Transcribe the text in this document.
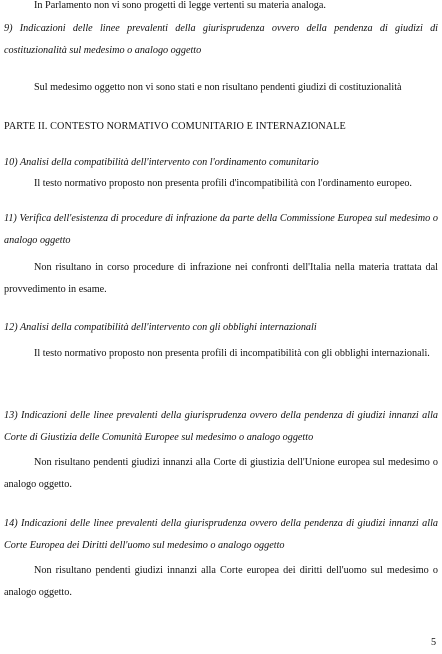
In Parlamento non vi sono progetti di legge vertenti su materia analoga.

9) Indicazioni delle linee prevalenti della giurisprudenza ovvero della pendenza di giudizi di costituzionalità sul medesimo o analogo oggetto

Sul medesimo oggetto non vi sono stati e non risultano pendenti giudizi di costituzionalità

PARTE II. CONTESTO NORMATIVO COMUNITARIO E INTERNAZIONALE

10) Analisi della compatibilità dell'intervento con l'ordinamento comunitario

Il testo normativo proposto non presenta profili d'incompatibilità con l'ordinamento europeo.

11) Verifica dell'esistenza di procedure di infrazione da parte della Commissione Europea sul medesimo o analogo oggetto

Non risultano in corso procedure di infrazione nei confronti dell'Italia nella materia trattata dal provvedimento in esame.

12) Analisi della compatibilità dell'intervento con gli obblighi internazionali

Il testo normativo proposto non presenta profili di incompatibilità con gli obblighi internazionali.

13) Indicazioni delle linee prevalenti della giurisprudenza ovvero della pendenza di giudizi innanzi alla Corte di Giustizia delle Comunità Europee sul medesimo o analogo oggetto

Non risultano pendenti giudizi innanzi alla Corte di giustizia dell'Unione europea sul medesimo o analogo oggetto.

14) Indicazioni delle linee prevalenti della giurisprudenza ovvero della pendenza di giudizi innanzi alla Corte Europea dei Diritti dell'uomo sul medesimo o analogo oggetto

Non risultano pendenti giudizi innanzi alla Corte europea dei diritti dell'uomo sul medesimo o analogo oggetto.

5
